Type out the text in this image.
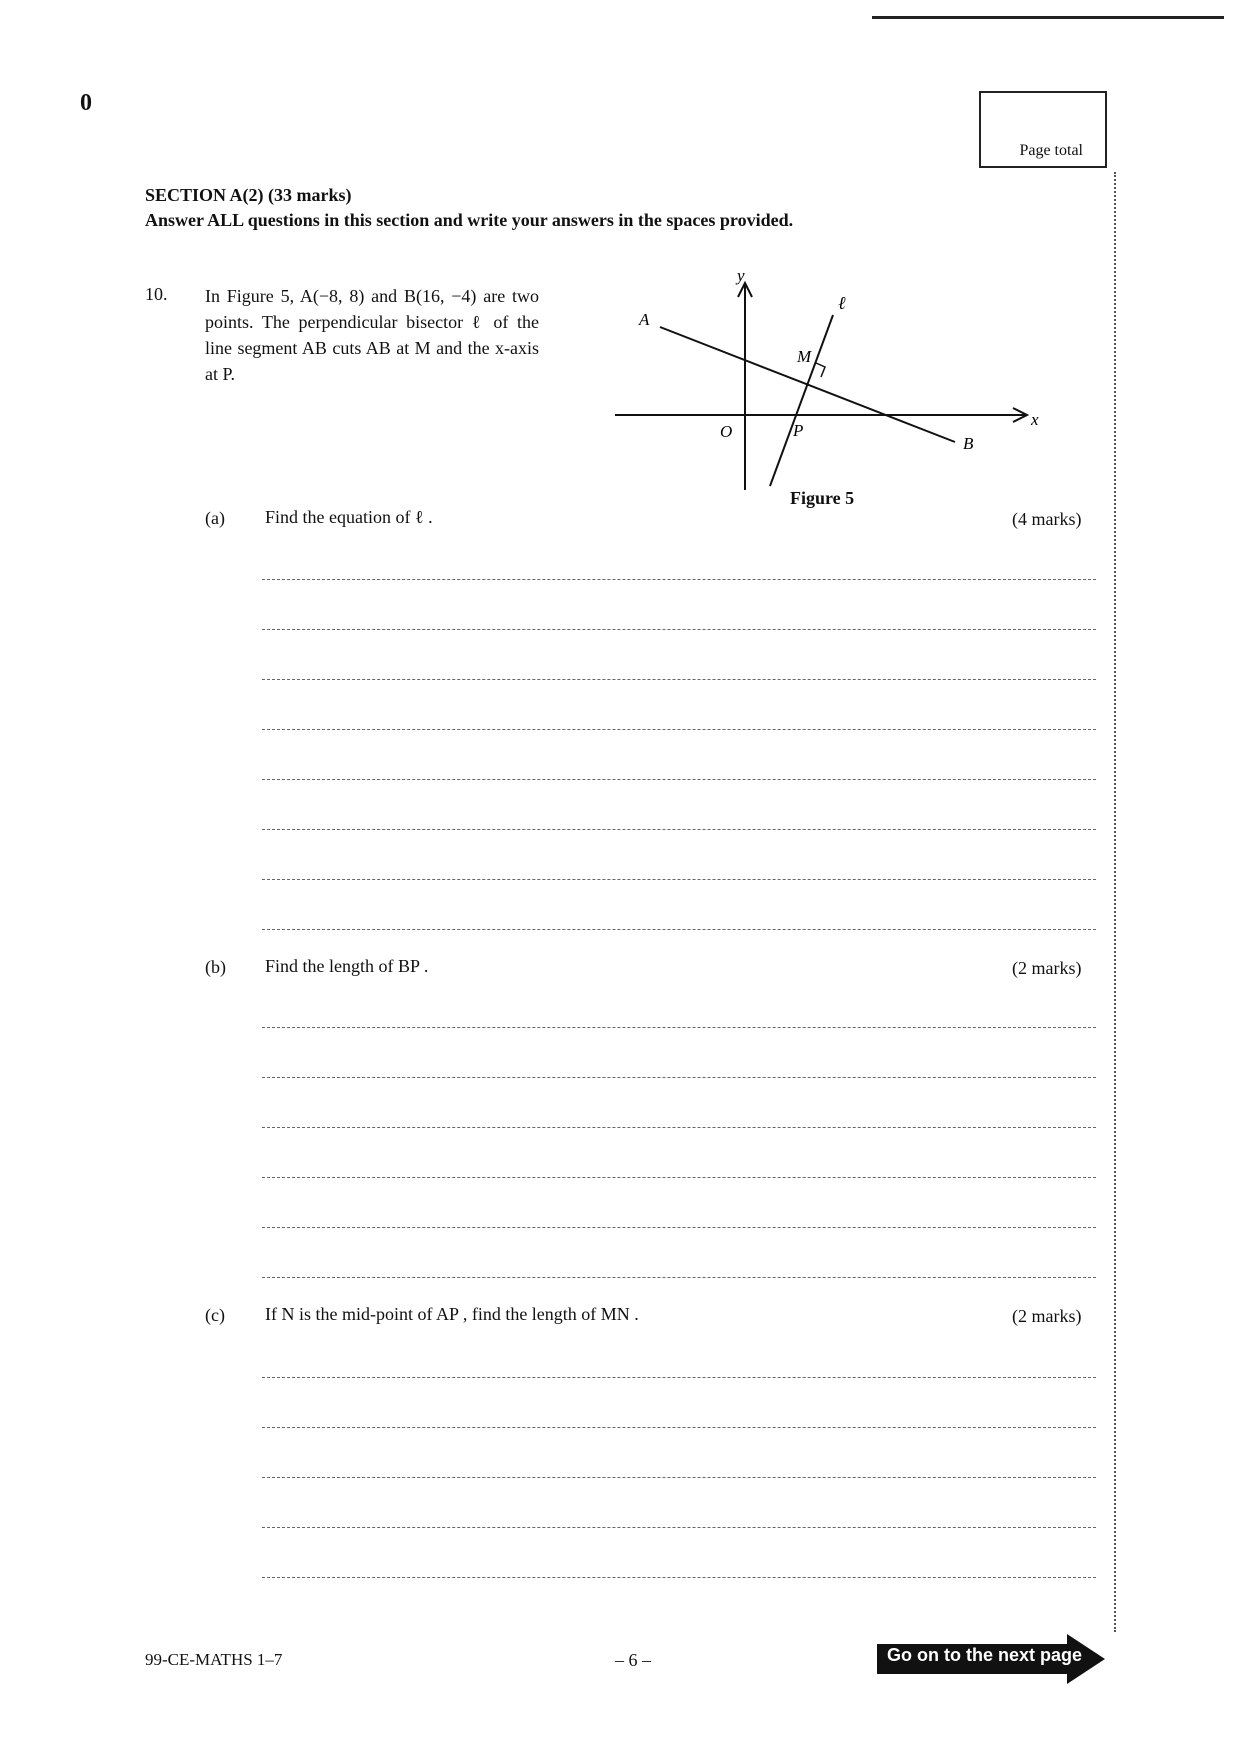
0
Page total
SECTION A(2) (33 marks)
Answer ALL questions in this section and write your answers in the spaces provided.
10. In Figure 5, A(−8, 8) and B(16, −4) are two points. The perpendicular bisector ℓ of the line segment AB cuts AB at M and the x-axis at P.
y
x
A
B
M
P
O
ℓ
Figure 5
(a) Find the equation of ℓ .	(4 marks)
(b) Find the length of BP .	(2 marks)
(c) If N is the mid-point of AP , find the length of MN .	(2 marks)
99-CE-MATHS 1–7	– 6 –	Go on to the next page
